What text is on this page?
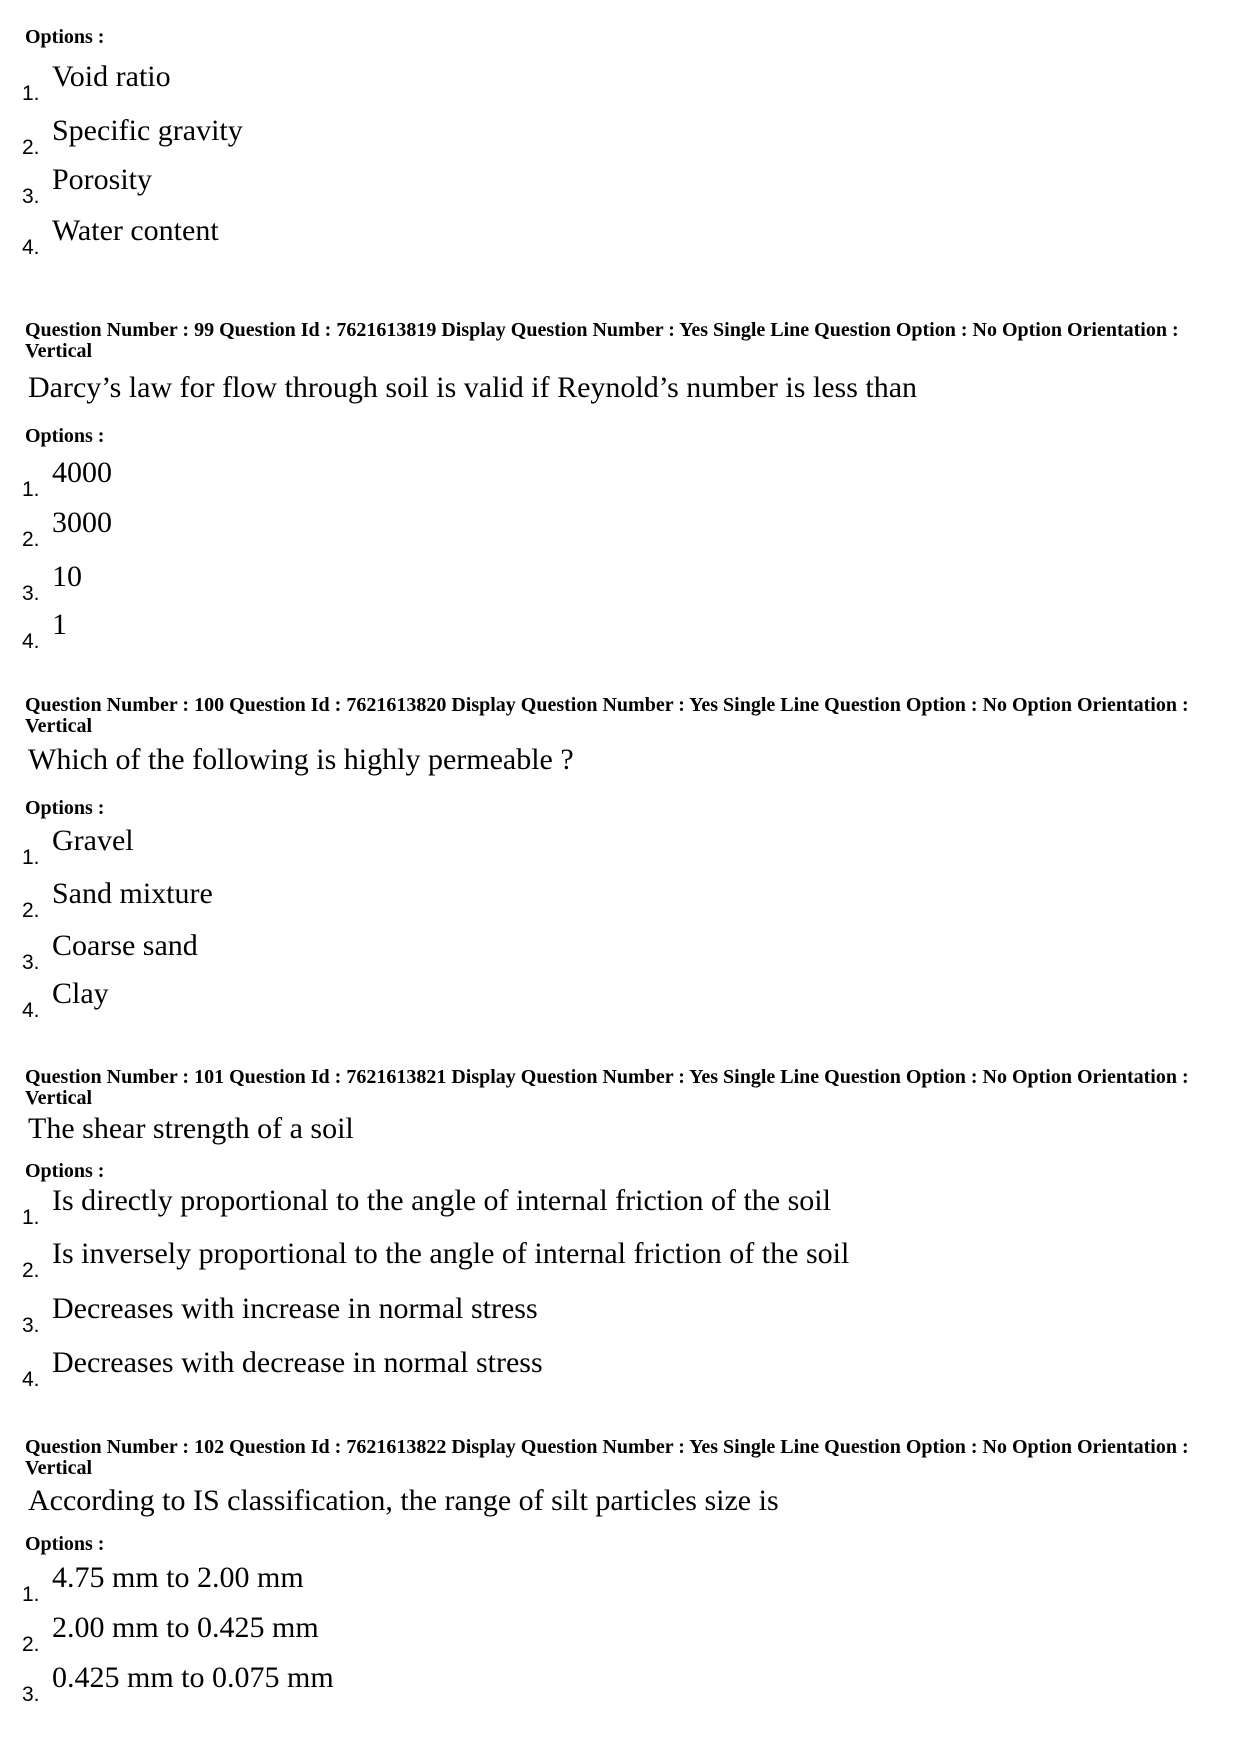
Options :
1.
Void ratio
2.
Specific gravity
3.
Porosity
4.
Water content
Question Number : 99 Question Id : 7621613819 Display Question Number : Yes Single Line Question Option : No Option Orientation : Vertical
Darcy’s law for flow through soil is valid if Reynold’s number is less than
Options :
1.
4000
2.
3000
3.
10
4.
1
Question Number : 100 Question Id : 7621613820 Display Question Number : Yes Single Line Question Option : No Option Orientation : Vertical
Which of the following is highly permeable ?
Options :
1.
Gravel
2.
Sand mixture
3.
Coarse sand
4.
Clay
Question Number : 101 Question Id : 7621613821 Display Question Number : Yes Single Line Question Option : No Option Orientation : Vertical
The shear strength of a soil
Options :
1.
Is directly proportional to the angle of internal friction of the soil
2.
Is inversely proportional to the angle of internal friction of the soil
3.
Decreases with increase in normal stress
4.
Decreases with decrease in normal stress
Question Number : 102 Question Id : 7621613822 Display Question Number : Yes Single Line Question Option : No Option Orientation : Vertical
According to IS classification, the range of silt particles size is
Options :
1.
4.75 mm to 2.00 mm
2.
2.00 mm to 0.425 mm
3.
0.425 mm to 0.075 mm
